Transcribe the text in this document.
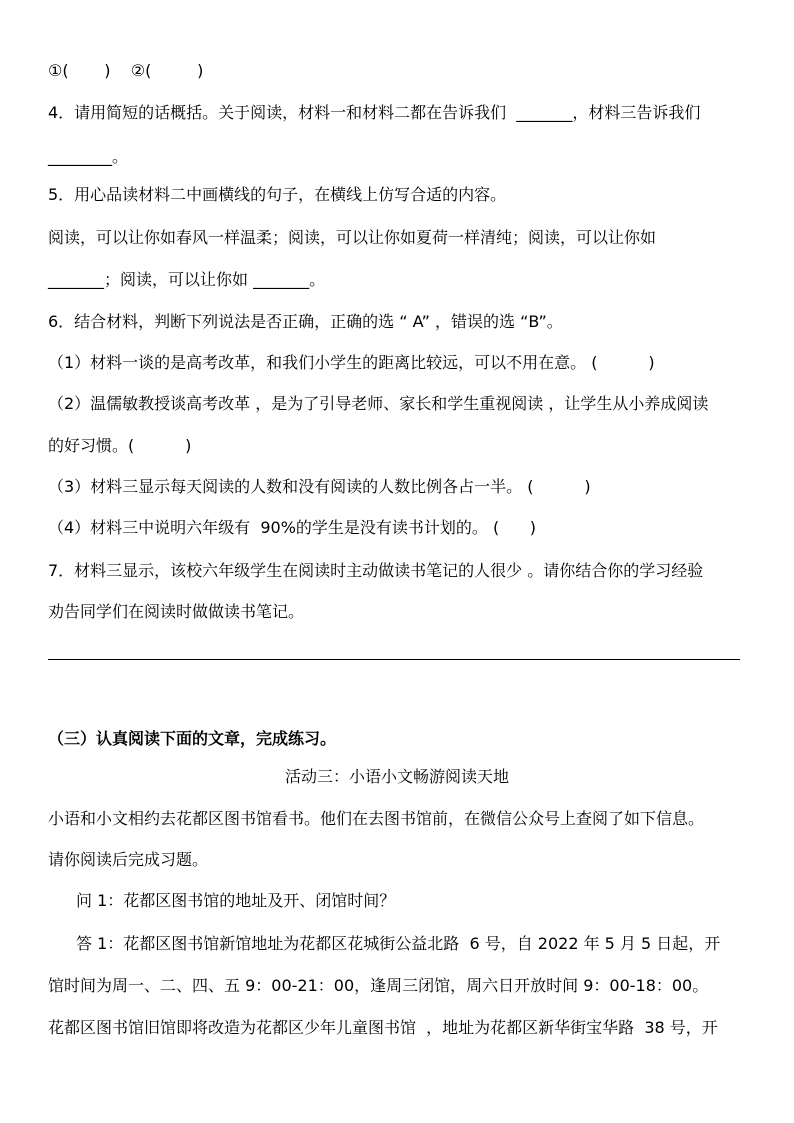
①(       )    ②(         )

4．请用简短的话概括。关于阅读，材料一和材料二都在告诉我们  _______，材料三告诉我们

________。

5．用心品读材料二中画横线的句子，在横线上仿写合适的内容。

阅读，可以让你如春风一样温柔；阅读，可以让你如夏荷一样清纯；阅读，可以让你如

_______；阅读，可以让你如 _______。

6．结合材料，判断下列说法是否正确，正确的选 “ A” ，错误的选 “B”。

（1）材料一谈的是高考改革，和我们小学生的距离比较远，可以不用在意。 (          )

（2）温儒敏教授谈高考改革 ，是为了引导老师、家长和学生重视阅读 ，让学生从小养成阅读

的好习惯。(          )

（3）材料三显示每天阅读的人数和没有阅读的人数比例各占一半。 (          )

（4）材料三中说明六年级有  90%的学生是没有读书计划的。 (      )

7．材料三显示，该校六年级学生在阅读时主动做读书笔记的人很少 。请你结合你的学习经验

劝告同学们在阅读时做做读书笔记。

（三）认真阅读下面的文章，完成练习。

活动三：小语小文畅游阅读天地

小语和小文相约去花都区图书馆看书。他们在去图书馆前，在微信公众号上查阅了如下信息。

请你阅读后完成习题。

问 1：花都区图书馆的地址及开、闭馆时间？

答 1：花都区图书馆新馆地址为花都区花城街公益北路  6 号，自 2022 年 5 月 5 日起，开

馆时间为周一、二、四、五 9：00-21：00，逢周三闭馆，周六日开放时间 9：00-18：00。

花都区图书馆旧馆即将改造为花都区少年儿童图书馆  ，地址为花都区新华街宝华路  38 号，开
